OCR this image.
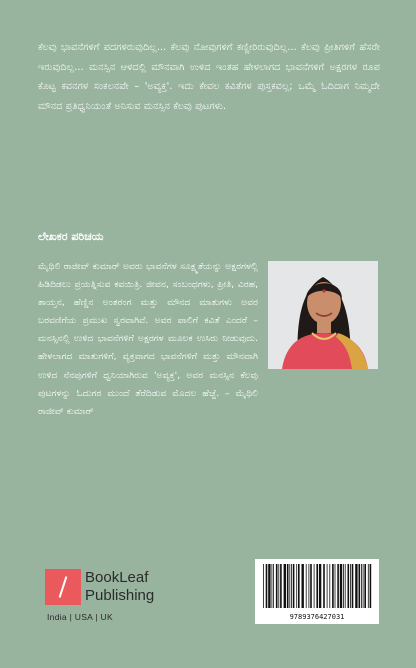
ಕೆಲವು ಭಾವನೆಗಳಿಗೆ ಪದಗಳಿರುವುದಿಲ್ಲ... ಕೆಲವು ನೋವುಗಳಿಗೆ ಕಣ್ಣೀರಿರುವುದಿಲ್ಲ... ಕೆಲವು ಪ್ರೀತಿಗಳಿಗೆ ಹೆಸರೇ ಇರುವುದಿಲ್ಲ... ಮನಸ್ಸಿನ ಆಳದಲ್ಲಿ ಮೌನವಾಗಿ ಉಳಿದ ಇಂತಹ ಹೇಳಲಾಗದ ಭಾವನೆಗಳಿಗೆ ಅಕ್ಷರಗಳ ರೂಪ ಕೊಟ್ಟ ಕವನಗಳ ಸಂಕಲನವೇ – 'ಅವ್ಯಕ್ತ'. ಇದು ಕೇವಲ ಕವಿತೆಗಳ ಪುಸ್ತಕವಲ್ಲ; ಒಮ್ಮೆ ಓದಿದಾಗ ನಿಮ್ಮದೇ ಮೌನದ ಪ್ರತಿಧ್ವನಿಯಂತೆ ಅನಿಸುವ ಮನಸ್ಸಿನ ಕೆಲವು ಪುಟಗಳು.

ಲೇಖಕರ ಪರಿಚಯ

ಮೈಥಿಲಿ ರಾಜೀವ್ ಕುಮಾರ್ ಅವರು ಭಾವನೆಗಳ ಸೂಕ್ಷ್ಮತೆಯನ್ನು ಅಕ್ಷರಗಳಲ್ಲಿ ಹಿಡಿದಿಡಲು ಪ್ರಯತ್ನಿಸುವ ಕವಯಿತ್ರಿ. ಜೀವನ, ಸಂಬಂಧಗಳು, ಪ್ರೀತಿ, ವಿರಹ, ತಾಯ್ತನ, ಹೆಣ್ಣಿನ ಅಂತರಂಗ ಮತ್ತು ಮೌನದ ಮಾತುಗಳು ಅವರ ಬರವಣಿಗೆಯ ಪ್ರಮುಖ ಸ್ವರವಾಗಿವೆ. ಅವರ ಪಾಲಿಗೆ ಕವಿತೆ ಎಂದರೆ – ಮನಸ್ಸಿನಲ್ಲಿ ಉಳಿದ ಭಾವನೆಗಳಿಗೆ ಅಕ್ಷರಗಳ ಮೂಲಕ ಉಸಿರು ನೀಡುವುದು. ಹೇಳಲಾಗದ ಮಾತುಗಳಿಗೆ, ವ್ಯಕ್ತವಾಗದ ಭಾವನೆಗಳಿಗೆ ಮತ್ತು ಮೌನವಾಗಿ ಉಳಿದ ನೆನಪುಗಳಿಗೆ ಧ್ವನಿಯಾಗಿರುವ 'ಅವ್ಯಕ್ತ', ಅವರ ಮನಸ್ಸಿನ ಕೆಲವು ಪುಟಗಳನ್ನು ಓದುಗರ ಮುಂದೆ ತೆರೆದಿಡುವ ಮೊದಲ ಹೆಜ್ಜೆ. – ಮೈಥಿಲಿ ರಾಜೀವ್ ಕುಮಾರ್

BookLeaf
Publishing
India | USA | UK	9789376427031
